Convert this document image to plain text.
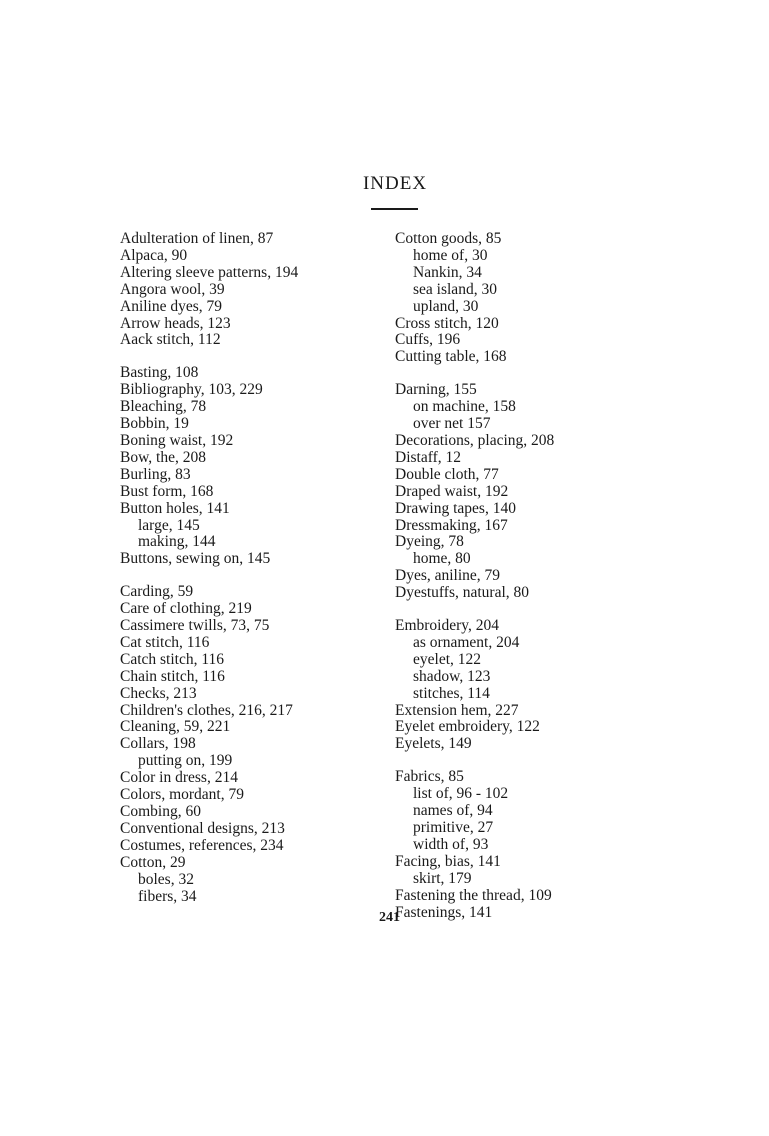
INDEX
Adulteration of linen, 87
Alpaca, 90
Altering sleeve patterns, 194
Angora wool, 39
Aniline dyes, 79
Arrow heads, 123
Aack stitch, 112
Basting, 108
Bibliography, 103, 229
Bleaching, 78
Bobbin, 19
Boning waist, 192
Bow, the, 208
Burling, 83
Bust form, 168
Button holes, 141
large, 145
making, 144
Buttons, sewing on, 145
Carding, 59
Care of clothing, 219
Cassimere twills, 73, 75
Cat stitch, 116
Catch stitch, 116
Chain stitch, 116
Checks, 213
Children's clothes, 216, 217
Cleaning, 59, 221
Collars, 198
putting on, 199
Color in dress, 214
Colors, mordant, 79
Combing, 60
Conventional designs, 213
Costumes, references, 234
Cotton, 29
boles, 32
fibers, 34
Cotton goods, 85
home of, 30
Nankin, 34
sea island, 30
upland, 30
Cross stitch, 120
Cuffs, 196
Cutting table, 168
Darning, 155
on machine, 158
over net 157
Decorations, placing, 208
Distaff, 12
Double cloth, 77
Draped waist, 192
Drawing tapes, 140
Dressmaking, 167
Dyeing, 78
home, 80
Dyes, aniline, 79
Dyestuffs, natural, 80
Embroidery, 204
as ornament, 204
eyelet, 122
shadow, 123
stitches, 114
Extension hem, 227
Eyelet embroidery, 122
Eyelets, 149
Fabrics, 85
list of, 96 - 102
names of, 94
primitive, 27
width of, 93
Facing, bias, 141
skirt, 179
Fastening the thread, 109
Fastenings, 141
241
